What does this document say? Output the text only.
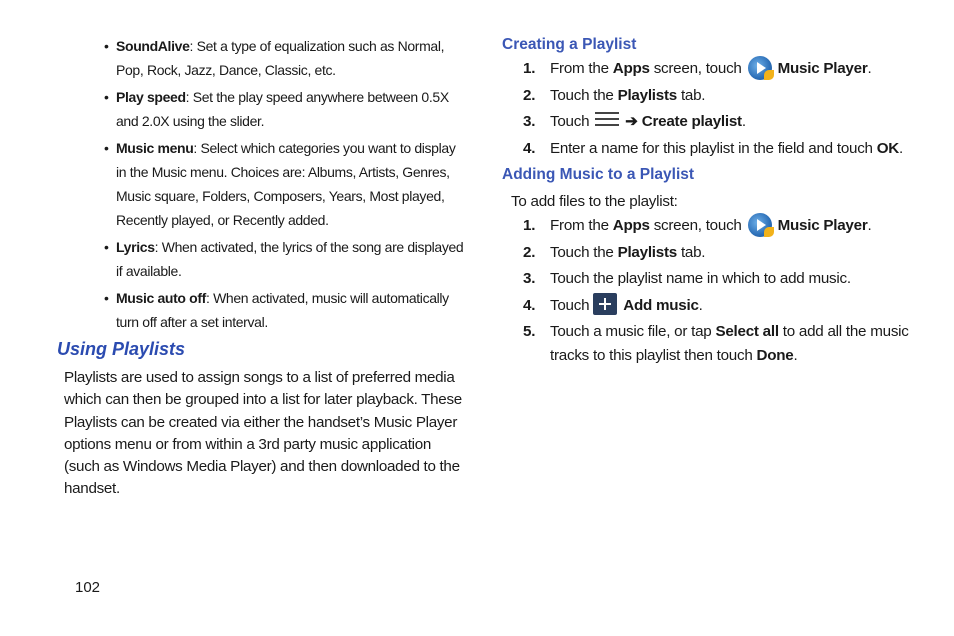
• SoundAlive: Set a type of equalization such as Normal, Pop, Rock, Jazz, Dance, Classic, etc.
• Play speed: Set the play speed anywhere between 0.5X and 2.0X using the slider.
• Music menu: Select which categories you want to display in the Music menu. Choices are: Albums, Artists, Genres, Music square, Folders, Composers, Years, Most played, Recently played, or Recently added.
• Lyrics: When activated, the lyrics of the song are displayed if available.
• Music auto off: When activated, music will automatically turn off after a set interval.
Using Playlists
Playlists are used to assign songs to a list of preferred media which can then be grouped into a list for later playback. These Playlists can be created via either the handset’s Music Player options menu or from within a 3rd party music application (such as Windows Media Player) and then downloaded to the handset.
Creating a Playlist
1. From the Apps screen, touch Music Player.
2. Touch the Playlists tab.
3. Touch ➔ Create playlist.
4. Enter a name for this playlist in the field and touch OK.
Adding Music to a Playlist
To add files to the playlist:
1. From the Apps screen, touch Music Player.
2. Touch the Playlists tab.
3. Touch the playlist name in which to add music.
4. Touch Add music.
5. Touch a music file, or tap Select all to add all the music
tracks to this playlist then touch Done.
102
